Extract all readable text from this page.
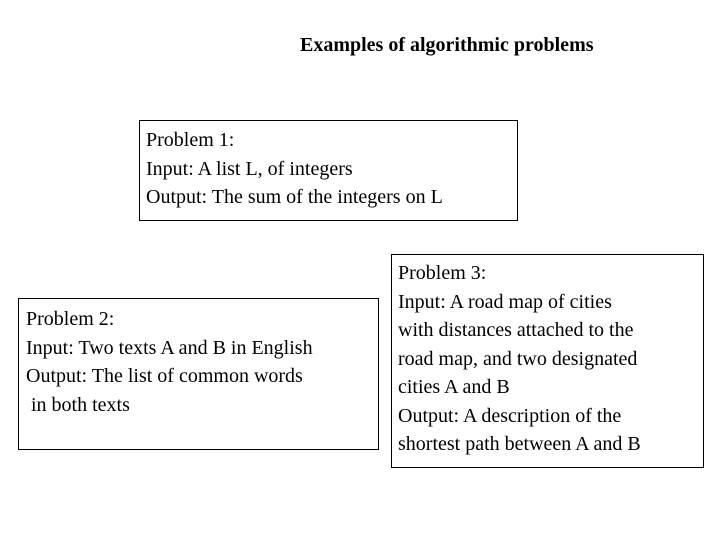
Examples of algorithmic problems
Problem 1:
Input: A list L, of integers
Output: The sum of the integers on L
Problem 2:
Input: Two texts A and B in English
Output: The list of common words
in both texts
Problem 3:
Input: A road map of cities
with distances attached to the
road map, and two designated
cities A and B
Output: A description of the
shortest path between A and B
